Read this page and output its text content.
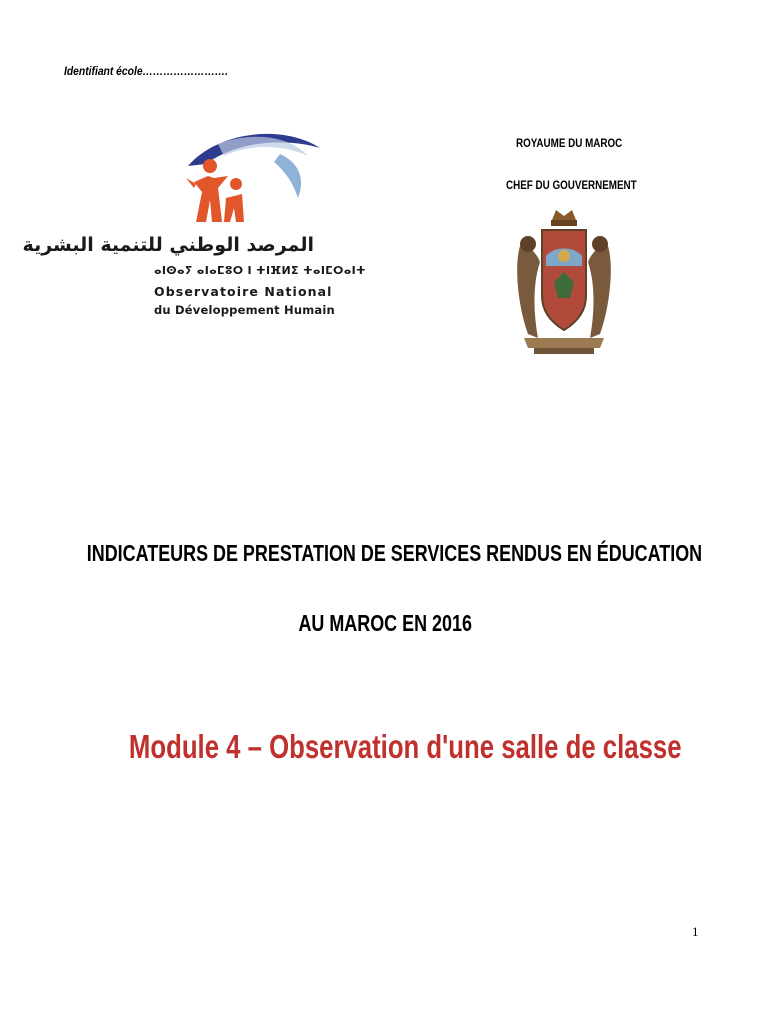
Identifiant école…………………….
المرصد الوطني للتنمية البشرية
ⴰⵏⵙⴰⵢ ⴰⵏⴰⵎⵓⵔ ⵏ ⵜⵏⴼⵍⵉ ⵜⴰⵏⵎⵔⴰⵏⵜ
Observatoire National
du Développement Humain
ROYAUME DU MAROC
CHEF DU GOUVERNEMENT
INDICATEURS DE PRESTATION DE SERVICES RENDUS EN ÉDUCATION
AU MAROC EN 2016
Module 4 – Observation d'une salle de classe
1
